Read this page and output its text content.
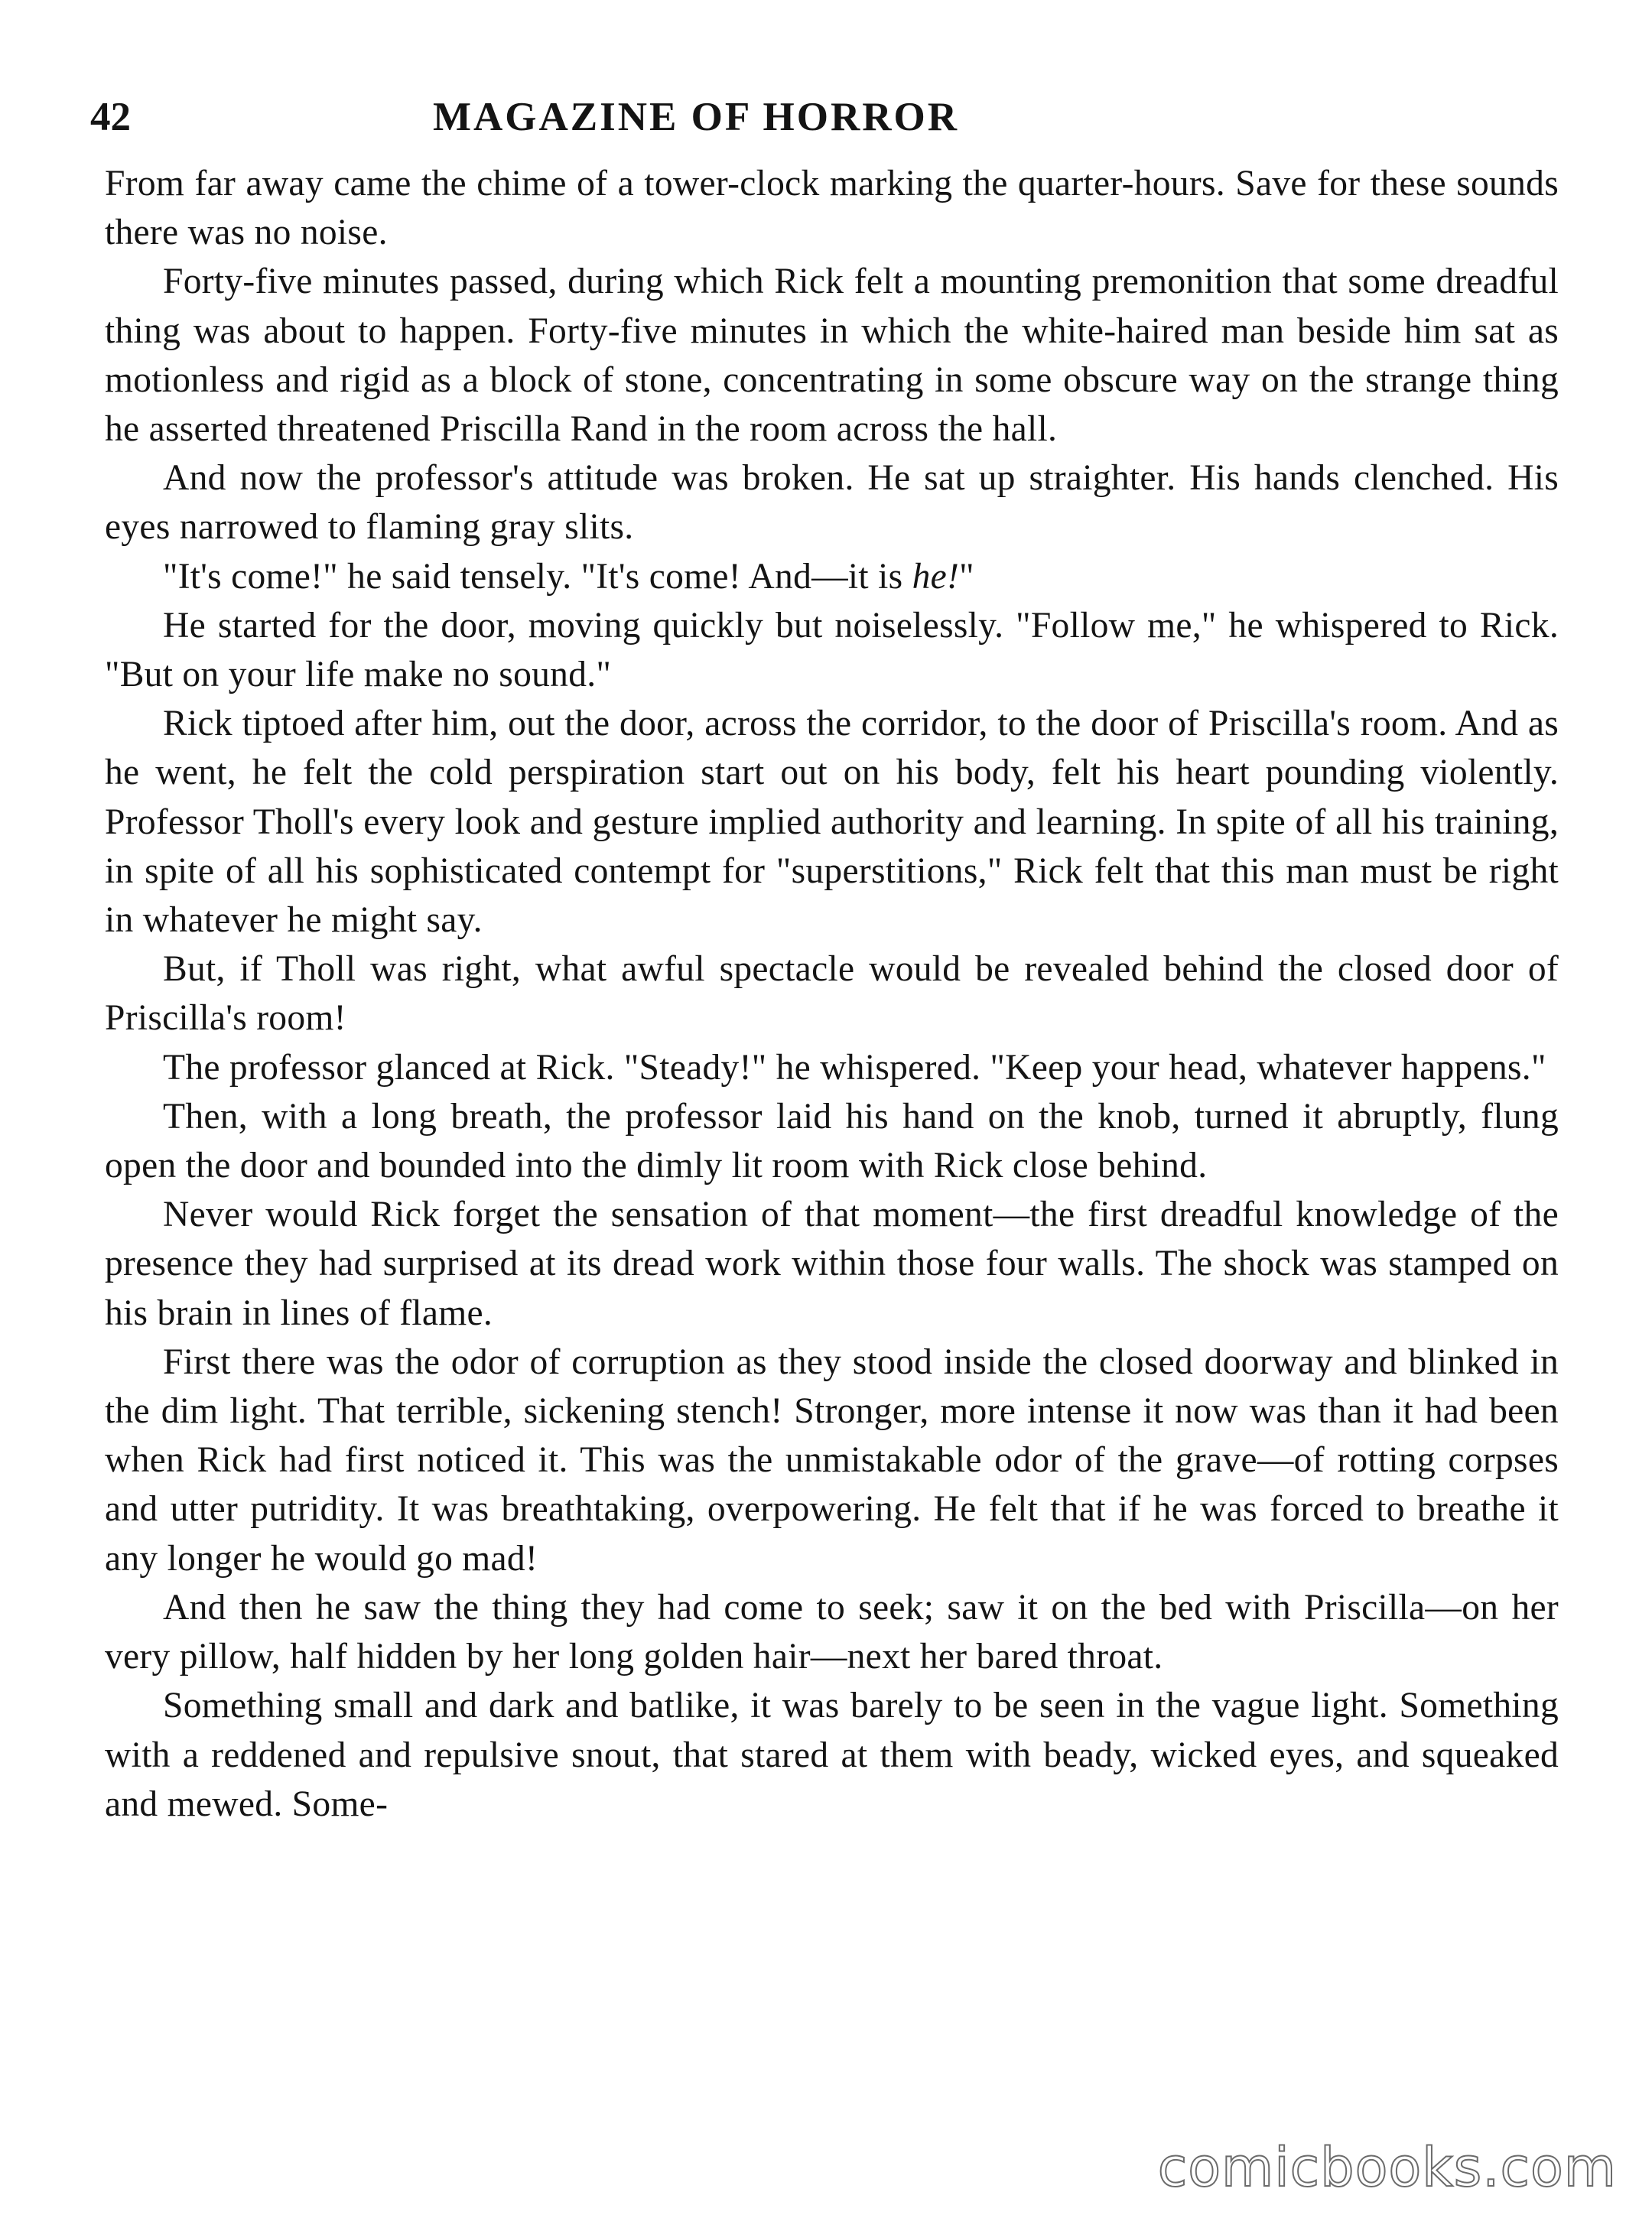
42	MAGAZINE OF HORROR

From far away came the chime of a tower-clock marking the quarter-hours. Save for these sounds there was no noise.

Forty-five minutes passed, during which Rick felt a mounting premonition that some dreadful thing was about to happen. Forty-five minutes in which the white-haired man beside him sat as motionless and rigid as a block of stone, concentrating in some obscure way on the strange thing he asserted threatened Priscilla Rand in the room across the hall.

And now the professor's attitude was broken. He sat up straighter. His hands clenched. His eyes narrowed to flaming gray slits.

"It's come!" he said tensely. "It's come! And—it is he!"

He started for the door, moving quickly but noiselessly. "Follow me," he whispered to Rick. "But on your life make no sound."

Rick tiptoed after him, out the door, across the corridor, to the door of Priscilla's room. And as he went, he felt the cold perspiration start out on his body, felt his heart pounding violently. Professor Tholl's every look and gesture implied authority and learning. In spite of all his training, in spite of all his sophisticated contempt for "superstitions," Rick felt that this man must be right in whatever he might say.

But, if Tholl was right, what awful spectacle would be revealed behind the closed door of Priscilla's room!

The professor glanced at Rick. "Steady!" he whispered. "Keep your head, whatever happens."

Then, with a long breath, the professor laid his hand on the knob, turned it abruptly, flung open the door and bounded into the dimly lit room with Rick close behind.

Never would Rick forget the sensation of that moment—the first dreadful knowledge of the presence they had surprised at its dread work within those four walls. The shock was stamped on his brain in lines of flame.

First there was the odor of corruption as they stood inside the closed doorway and blinked in the dim light. That terrible, sickening stench! Stronger, more intense it now was than it had been when Rick had first noticed it. This was the unmistakable odor of the grave—of rotting corpses and utter putridity. It was breathtaking, overpowering. He felt that if he was forced to breathe it any longer he would go mad!

And then he saw the thing they had come to seek; saw it on the bed with Priscilla—on her very pillow, half hidden by her long golden hair—next her bared throat.

Something small and dark and batlike, it was barely to be seen in the vague light. Something with a reddened and repulsive snout, that stared at them with beady, wicked eyes, and squeaked and mewed. Some-

comicbooks.com
